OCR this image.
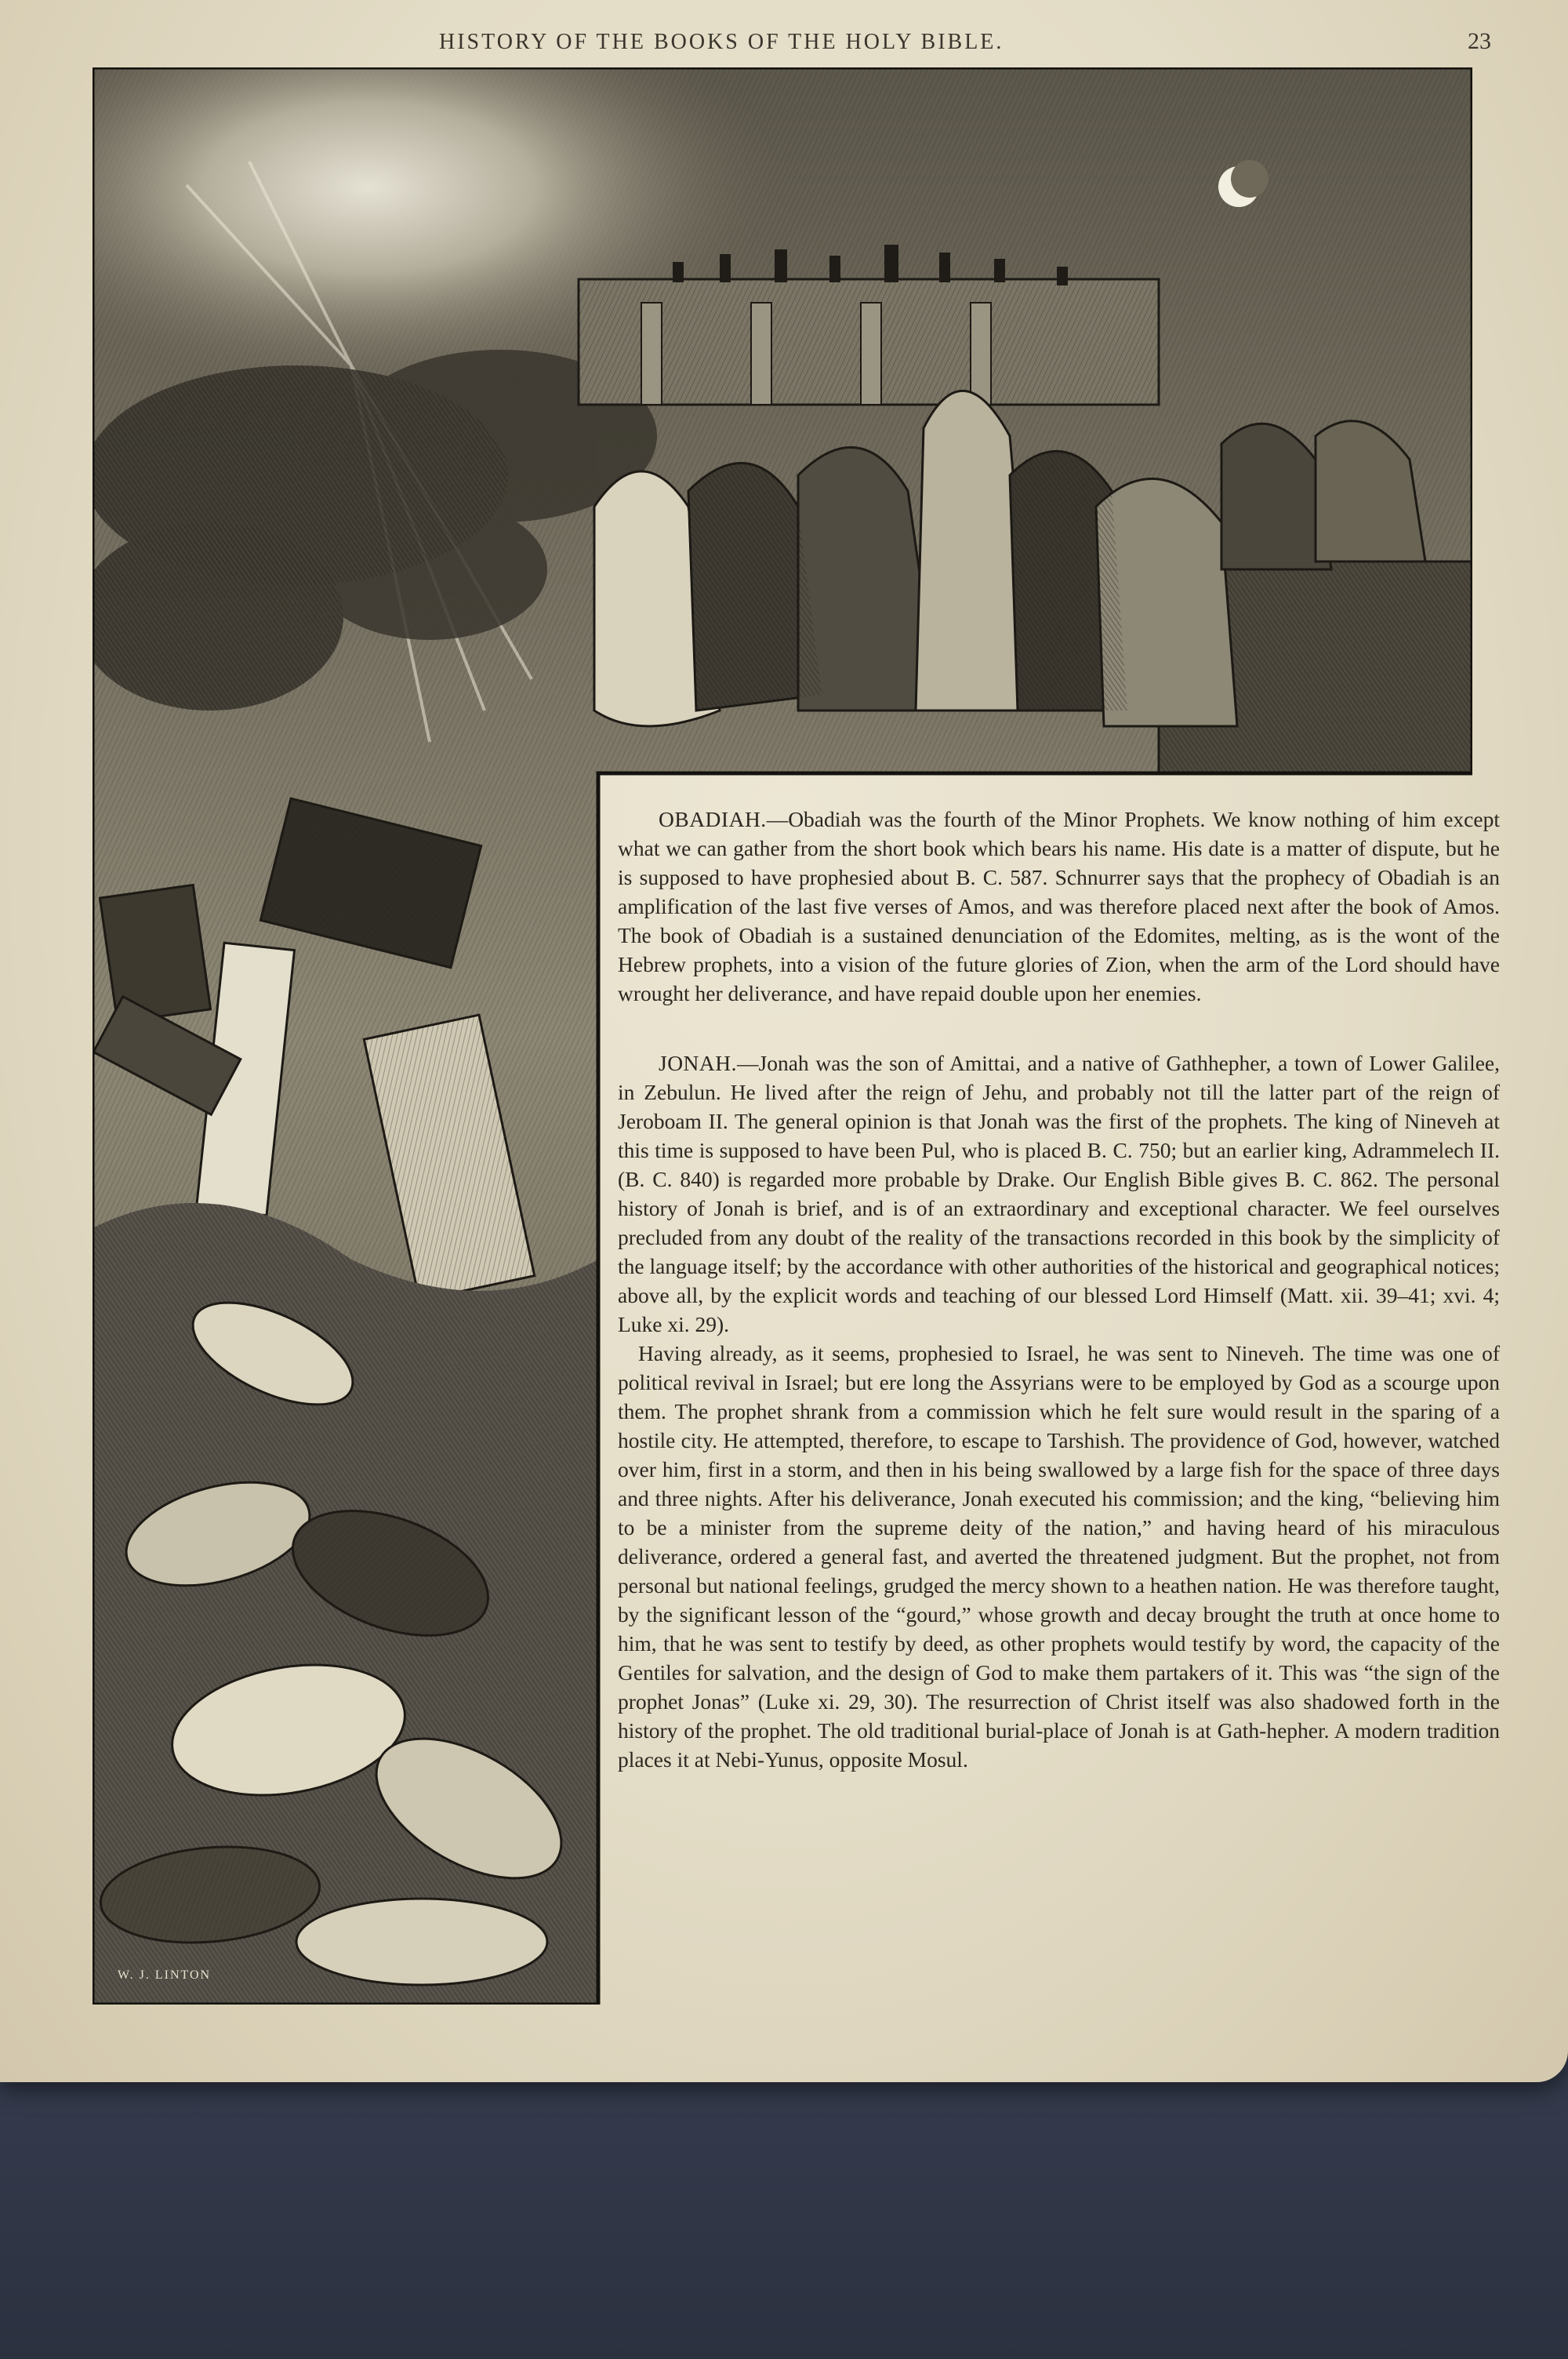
HISTORY OF THE BOOKS OF THE HOLY BIBLE.	23
W. J. LINTON

OBADIAH.—Obadiah was the fourth of the Minor Prophets. We know nothing of him except what we can gather from the short book which bears his name. His date is a matter of dispute, but he is supposed to have prophesied about B. C. 587. Schnurrer says that the prophecy of Obadiah is an amplification of the last five verses of Amos, and was therefore placed next after the book of Amos. The book of Obadiah is a sustained denunciation of the Edomites, melting, as is the wont of the Hebrew prophets, into a vision of the future glories of Zion, when the arm of the Lord should have wrought her deliverance, and have repaid double upon her enemies.

JONAH.—Jonah was the son of Amittai, and a native of Gathhepher, a town of Lower Galilee, in Zebulun. He lived after the reign of Jehu, and probably not till the latter part of the reign of Jeroboam II. The general opinion is that Jonah was the first of the prophets. The king of Nineveh at this time is supposed to have been Pul, who is placed B. C. 750; but an earlier king, Adrammelech II. (B. C. 840) is regarded more probable by Drake. Our English Bible gives B. C. 862. The personal history of Jonah is brief, and is of an extraordinary and exceptional character. We feel ourselves precluded from any doubt of the reality of the transactions recorded in this book by the simplicity of the language itself; by the accordance with other authorities of the historical and geographical notices; above all, by the explicit words and teaching of our blessed Lord Himself (Matt. xii. 39–41; xvi. 4; Luke xi. 29).

Having already, as it seems, prophesied to Israel, he was sent to Nineveh. The time was one of political revival in Israel; but ere long the Assyrians were to be employed by God as a scourge upon them. The prophet shrank from a commission which he felt sure would result in the sparing of a hostile city. He attempted, therefore, to escape to Tarshish. The providence of God, however, watched over him, first in a storm, and then in his being swallowed by a large fish for the space of three days and three nights. After his deliverance, Jonah executed his commission; and the king, “believing him to be a minister from the supreme deity of the nation,” and having heard of his miraculous deliverance, ordered a general fast, and averted the threatened judgment. But the prophet, not from personal but national feelings, grudged the mercy shown to a heathen nation. He was therefore taught, by the significant lesson of the “gourd,” whose growth and decay brought the truth at once home to him, that he was sent to testify by deed, as other prophets would testify by word, the capacity of the Gentiles for salvation, and the design of God to make them partakers of it. This was “the sign of the prophet Jonas” (Luke xi. 29, 30). The resurrection of Christ itself was also shadowed forth in the history of the prophet. The old traditional burial-place of Jonah is at Gath-hepher. A modern tradition places it at Nebi-Yunus, opposite Mosul.
